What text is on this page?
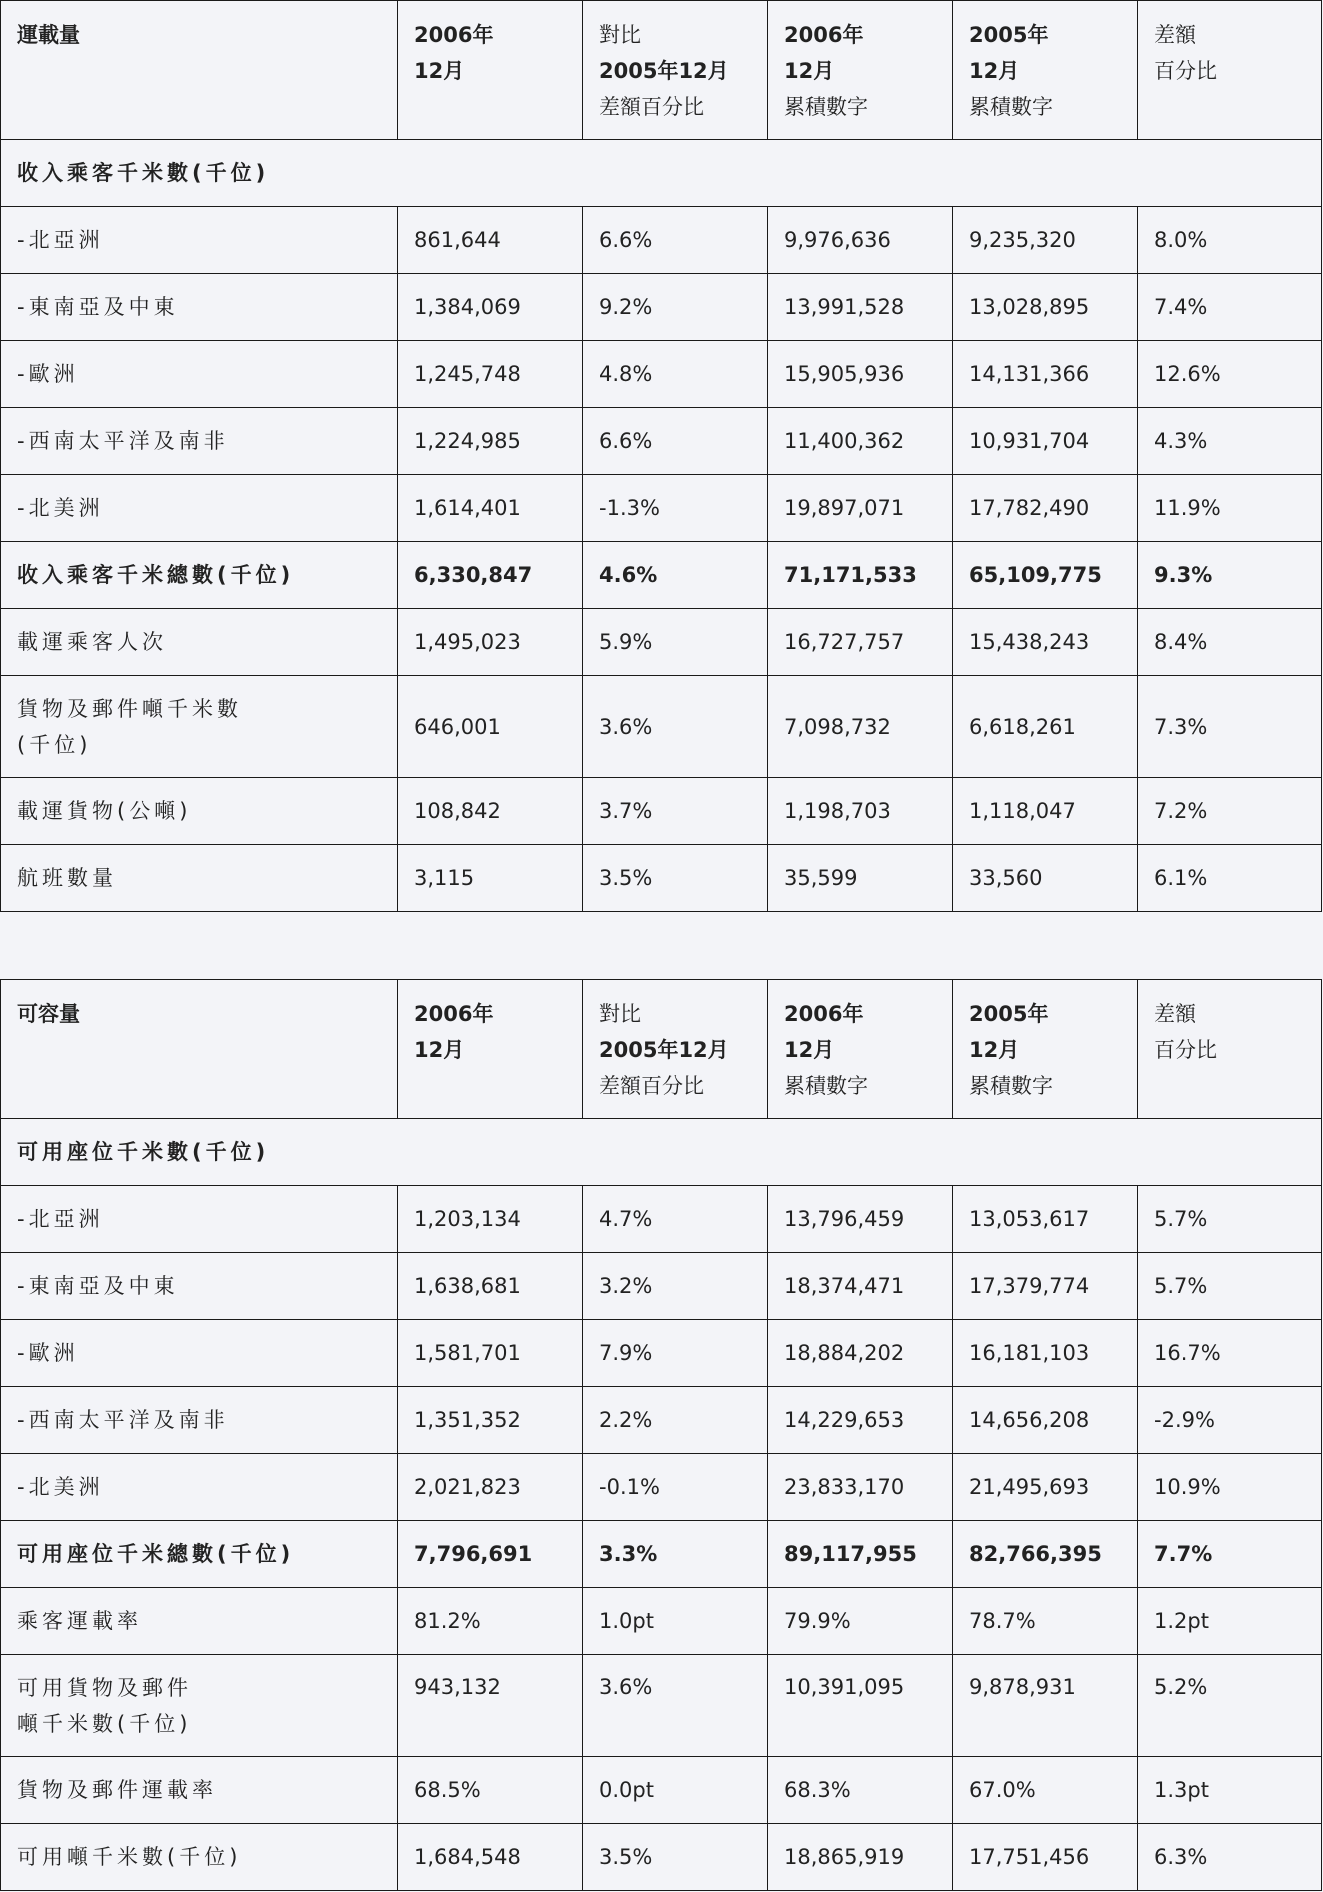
運載量	2006年
12月	對比
2005年12月
差額百分比	2006年
12月
累積數字	2005年
12月
累積數字	差額
百分比

收入乘客千米數(千位)					
-北亞洲	861,644	6.6%	9,976,636	9,235,320	8.0%
-東南亞及中東	1,384,069	9.2%	13,991,528	13,028,895	7.4%
-歐洲	1,245,748	4.8%	15,905,936	14,131,366	12.6%
-西南太平洋及南非	1,224,985	6.6%	11,400,362	10,931,704	4.3%
-北美洲	1,614,401	-1.3%	19,897,071	17,782,490	11.9%
收入乘客千米總數(千位)	6,330,847	4.6%	71,171,533	65,109,775	9.3%
載運乘客人次	1,495,023	5.9%	16,727,757	15,438,243	8.4%

貨物及郵件噸千米數
(千位)	646,001	3.6%	7,098,732	6,618,261	7.3%
載運貨物(公噸)	108,842	3.7%	1,198,703	1,118,047	7.2%
航班數量	3,115	3.5%	35,599	33,560	6.1%
可容量	2006年
12月	對比
2005年12月
差額百分比	2006年
12月
累積數字	2005年
12月
累積數字	差額
百分比

可用座位千米數(千位)					
-北亞洲	1,203,134	4.7%	13,796,459	13,053,617	5.7%
-東南亞及中東	1,638,681	3.2%	18,374,471	17,379,774	5.7%
-歐洲	1,581,701	7.9%	18,884,202	16,181,103	16.7%
-西南太平洋及南非	1,351,352	2.2%	14,229,653	14,656,208	-2.9%
-北美洲	2,021,823	-0.1%	23,833,170	21,495,693	10.9%
可用座位千米總數(千位)	7,796,691	3.3%	89,117,955	82,766,395	7.7%
乘客運載率	81.2%	1.0pt	79.9%	78.7%	1.2pt

可用貨物及郵件
噸千米數(千位)	943,132	3.6%	10,391,095	9,878,931	5.2%
貨物及郵件運載率	68.5%	0.0pt	68.3%	67.0%	1.3pt
可用噸千米數(千位)	1,684,548	3.5%	18,865,919	17,751,456	6.3%
